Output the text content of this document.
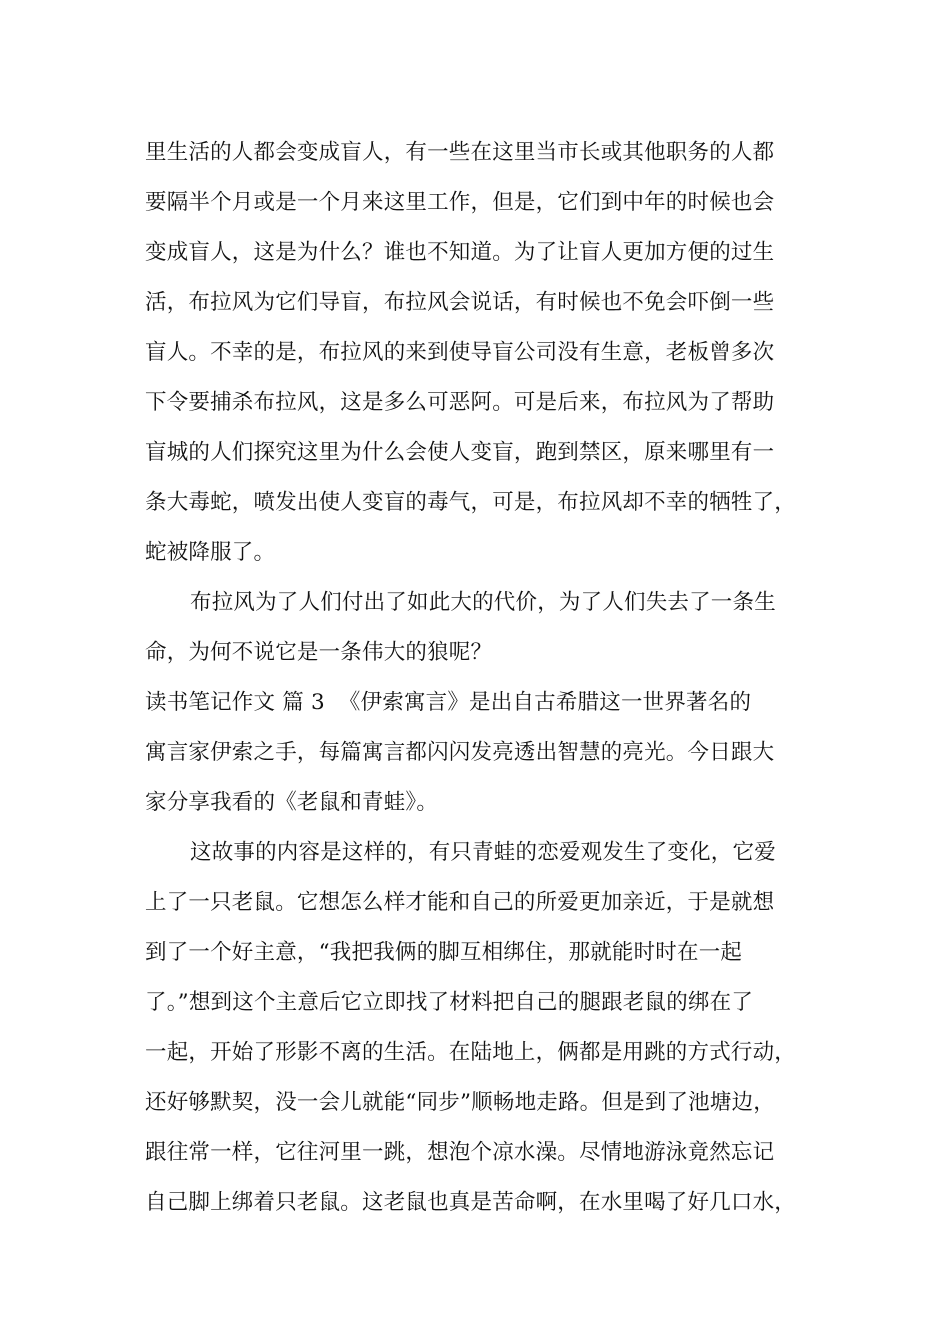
里生活的人都会变成盲人，有一些在这里当市长或其他职务的人都
要隔半个月或是一个月来这里工作，但是，它们到中年的时候也会
变成盲人，这是为什么？谁也不知道。为了让盲人更加方便的过生
活，布拉风为它们导盲，布拉风会说话，有时候也不免会吓倒一些
盲人。不幸的是，布拉风的来到使导盲公司没有生意，老板曾多次
下令要捕杀布拉风，这是多么可恶阿。可是后来，布拉风为了帮助
盲城的人们探究这里为什么会使人变盲，跑到禁区，原来哪里有一
条大毒蛇，喷发出使人变盲的毒气，可是，布拉风却不幸的牺牲了，
蛇被降服了。
布拉风为了人们付出了如此大的代价，为了人们失去了一条生
命，为何不说它是一条伟大的狼呢？
读书笔记作文 篇 3 《伊索寓言》是出自古希腊这一世界著名的
寓言家伊索之手，每篇寓言都闪闪发亮透出智慧的亮光。今日跟大
家分享我看的《老鼠和青蛙》。
这故事的内容是这样的，有只青蛙的恋爱观发生了变化，它爱
上了一只老鼠。它想怎么样才能和自己的所爱更加亲近，于是就想
到了一个好主意，“我把我俩的脚互相绑住，那就能时时在一起
了。”想到这个主意后它立即找了材料把自己的腿跟老鼠的绑在了
一起，开始了形影不离的生活。在陆地上，俩都是用跳的方式行动，
还好够默契，没一会儿就能“同步”顺畅地走路。但是到了池塘边，
跟往常一样，它往河里一跳，想泡个凉水澡。尽情地游泳竟然忘记
自己脚上绑着只老鼠。这老鼠也真是苦命啊，在水里喝了好几口水，
